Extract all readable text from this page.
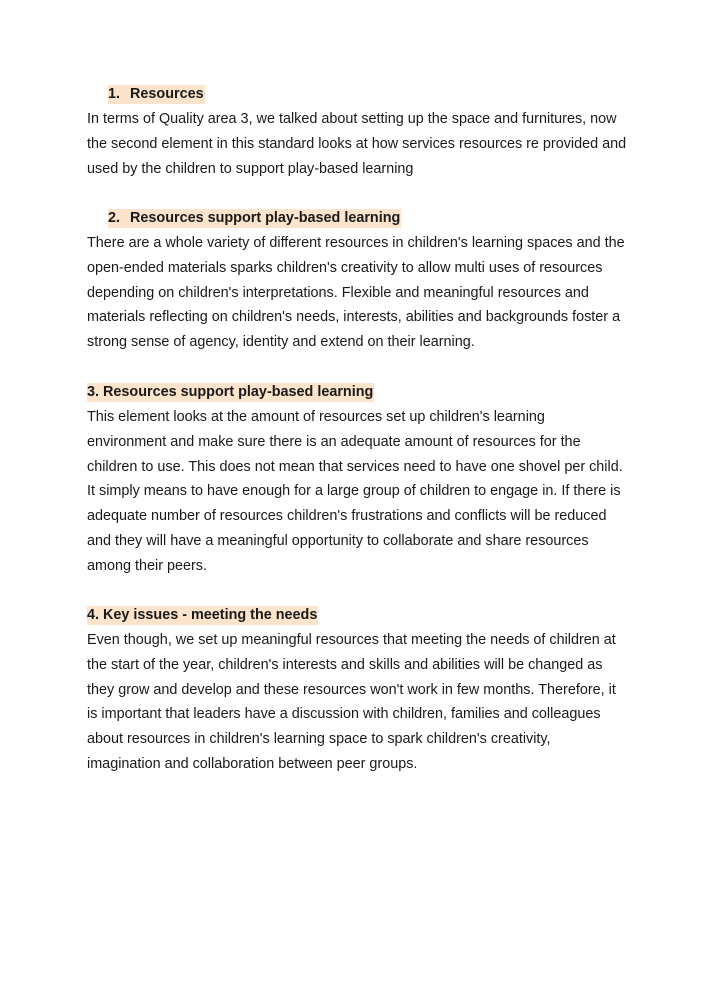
1. Resources

In terms of Quality area 3, we talked about setting up the space and furnitures, now
the second element in this standard looks at how services resources re provided and
used by the children to support play-based learning

2. Resources support play-based learning

There are a whole variety of different resources in children's learning spaces and the
open-ended materials sparks children's creativity to allow multi uses of resources
depending on children's interpretations. Flexible and meaningful resources and
materials reflecting on children's needs, interests, abilities and backgrounds foster a
strong sense of agency, identity and extend on their learning.

3. Resources support play-based learning

This element looks at the amount of resources set up children's learning
environment and make sure there is an adequate amount of resources for the
children to use. This does not mean that services need to have one shovel per child.
It simply means to have enough for a large group of children to engage in. If there is
adequate number of resources children's frustrations and conflicts will be reduced
and they will have a meaningful opportunity to collaborate and share resources
among their peers.

4. Key issues - meeting the needs

Even though, we set up meaningful resources that meeting the needs of children at
the start of the year, children's interests and skills and abilities will be changed as
they grow and develop and these resources won't work in few months. Therefore, it
is important that leaders have a discussion with children, families and colleagues
about resources in children's learning space to spark children's creativity,
imagination and collaboration between peer groups.
